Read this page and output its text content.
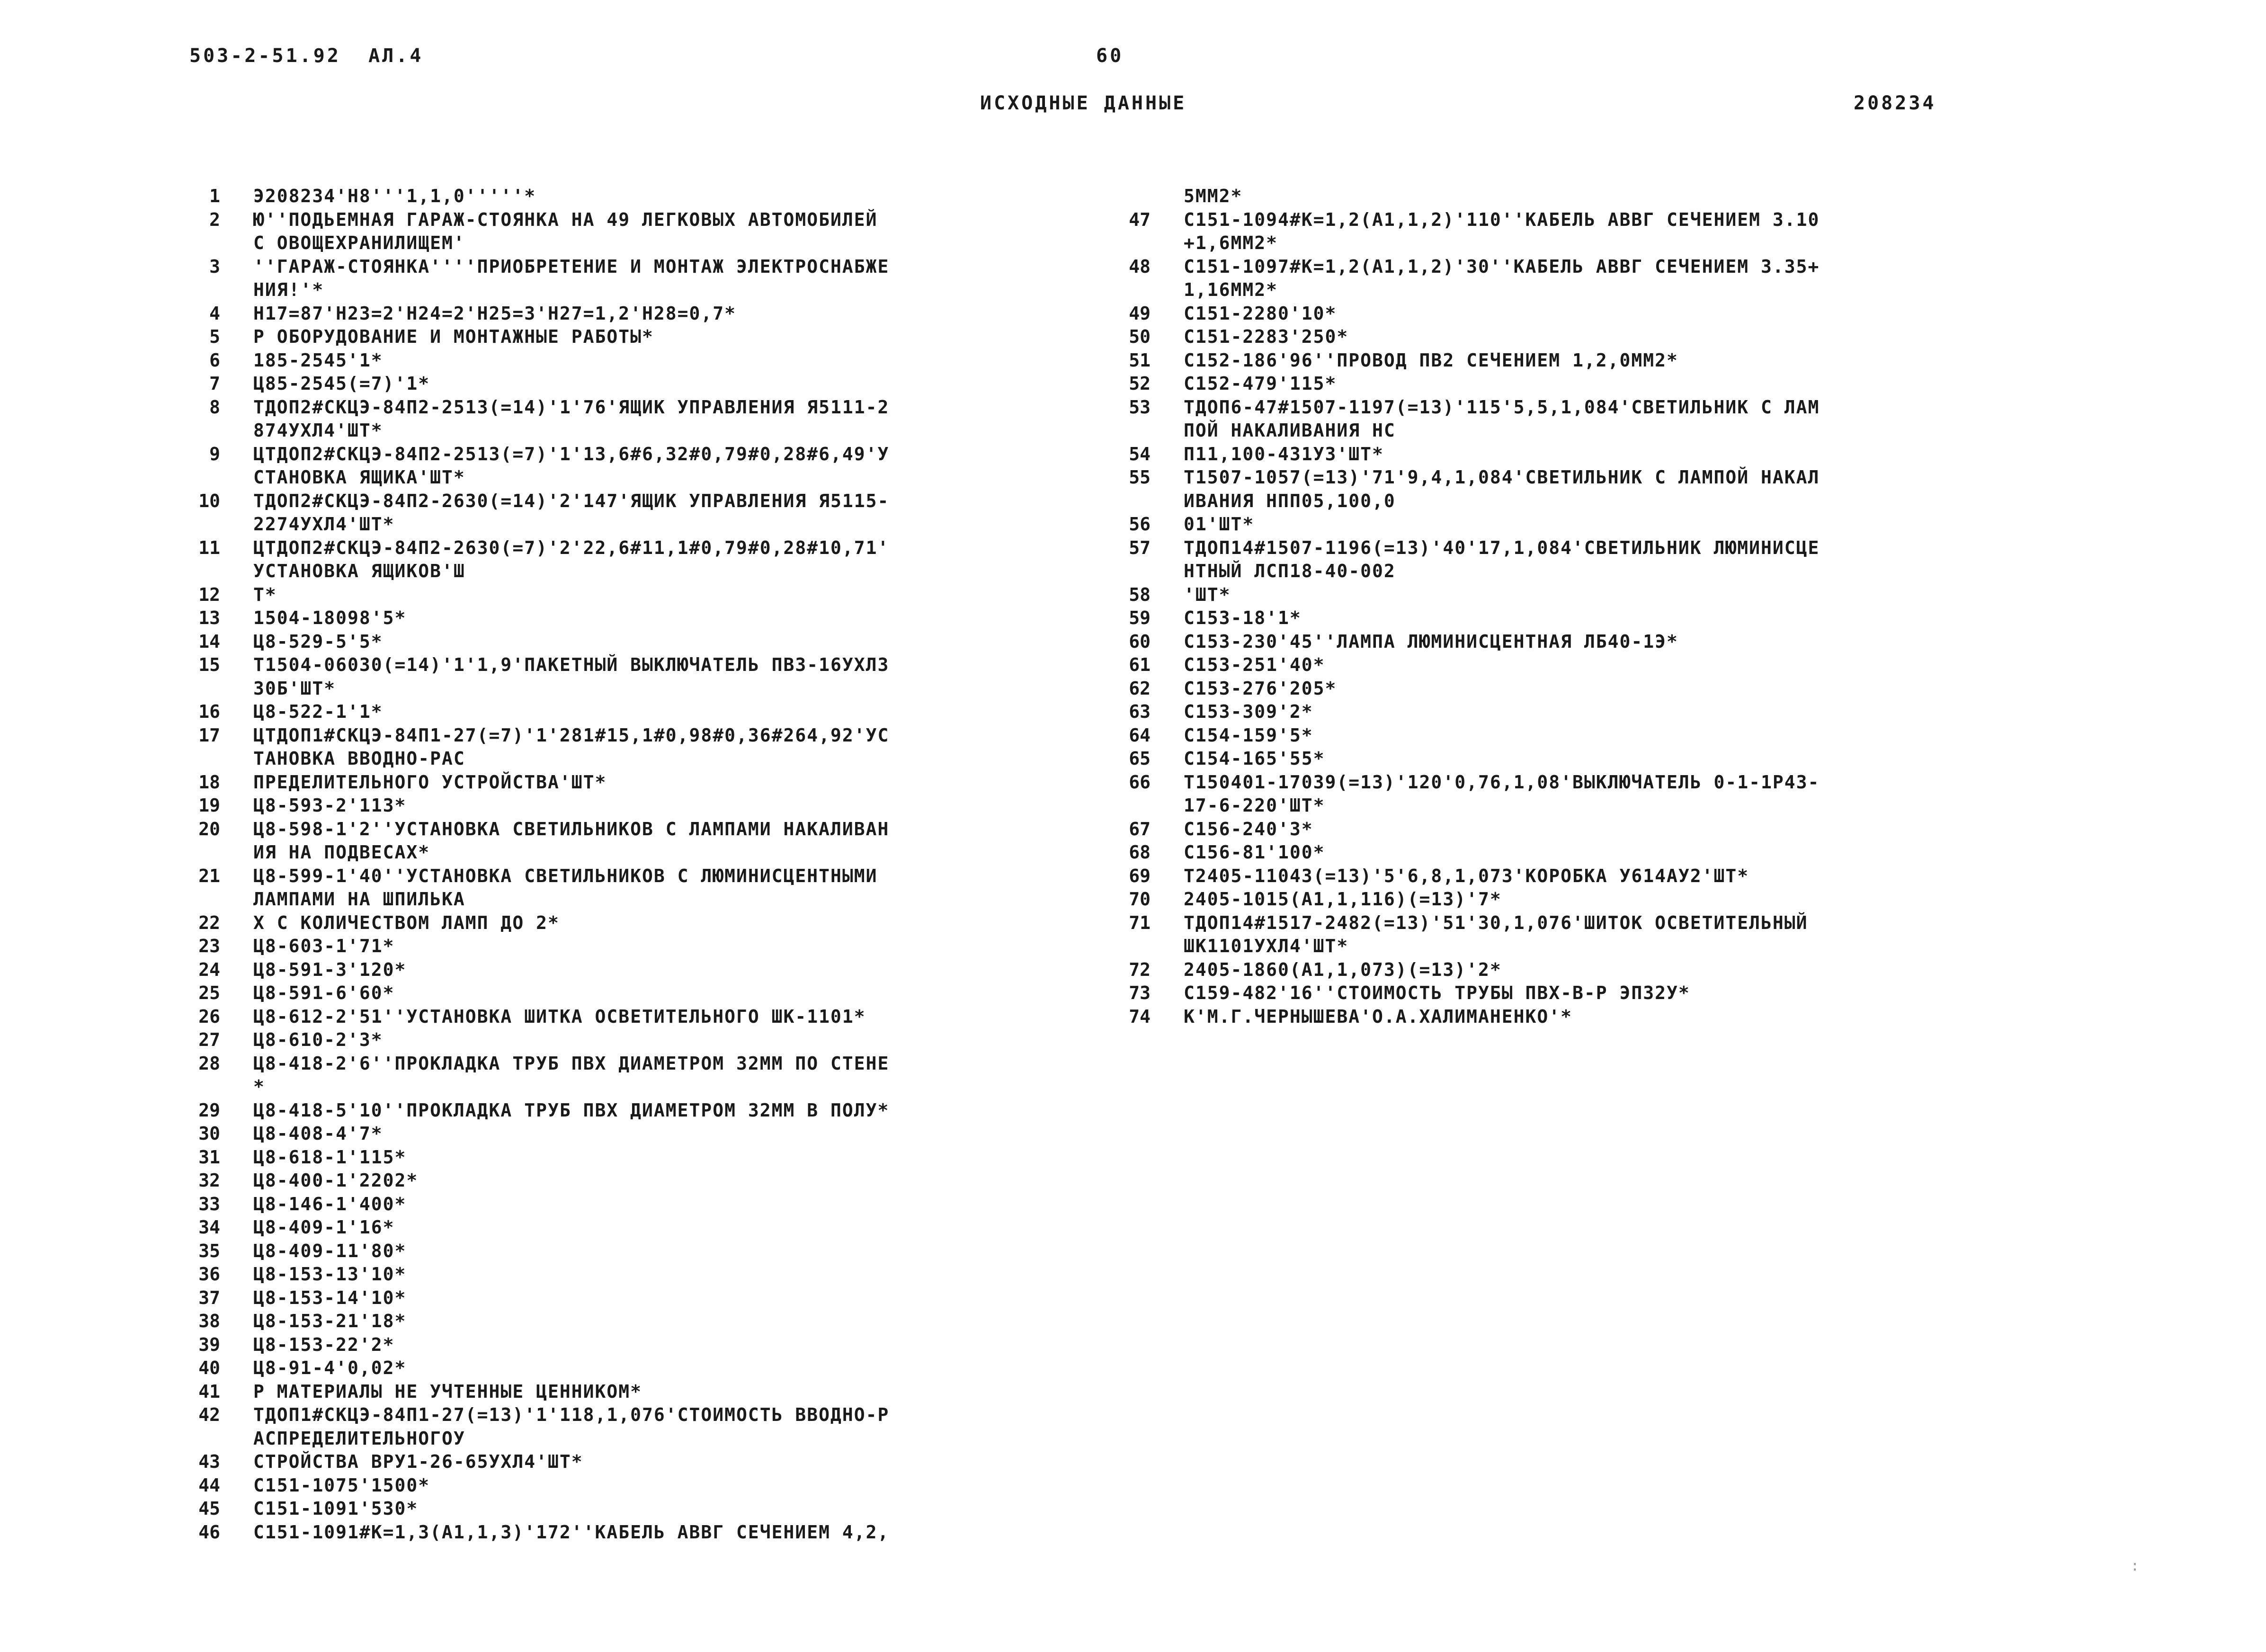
503-2-51.92  АЛ.4	60
ИСХОДНЫЕ ДАННЫЕ	208234
1 Э208234'Н8'''1,1,0'''''*
2 Ю''ПОДЬЕМНАЯ ГАРАЖ-СТОЯНКА НА 49 ЛЕГКОВЫХ АВТОМОБИЛЕЙ
С ОВОЩЕХРАНИЛИЩЕМ'
3 ''ГАРАЖ-СТОЯНКА''''ПРИОБРЕТЕНИЕ И МОНТАЖ ЭЛЕКТРОСНАБЖЕ
НИЯ!'*
4 Н17=87'Н23=2'Н24=2'Н25=3'Н27=1,2'Н28=0,7*
5 Р ОБОРУДОВАНИЕ И МОНТАЖНЫЕ РАБОТЫ*
6 185-2545'1*
7 Ц85-2545(=7)'1*
8 ТДОП2#СКЦЭ-84П2-2513(=14)'1'76'ЯЩИК УПРАВЛЕНИЯ Я5111-2
874УХЛ4'ШТ*
9 ЦТДОП2#СКЦЭ-84П2-2513(=7)'1'13,6#6,32#0,79#0,28#6,49'У
СТАНОВКА ЯЩИКА'ШТ*
10 ТДОП2#СКЦЭ-84П2-2630(=14)'2'147'ЯЩИК УПРАВЛЕНИЯ Я5115-
2274УХЛ4'ШТ*
11 ЦТДОП2#СКЦЭ-84П2-2630(=7)'2'22,6#11,1#0,79#0,28#10,71'
УСТАНОВКА ЯЩИКОВ'Ш
12 Т*
13 1504-18098'5*
14 Ц8-529-5'5*
15 Т1504-06030(=14)'1'1,9'ПАКЕТНЫЙ ВЫКЛЮЧАТЕЛЬ ПВЗ-16УХЛ3
30Б'ШТ*
16 Ц8-522-1'1*
17 ЦТДОП1#СКЦЭ-84П1-27(=7)'1'281#15,1#0,98#0,36#264,92'УС
ТАНОВКА ВВОДНО-РАС
18 ПРЕДЕЛИТЕЛЬНОГО УСТРОЙСТВА'ШТ*
19 Ц8-593-2'113*
20 Ц8-598-1'2''УСТАНОВКА СВЕТИЛЬНИКОВ С ЛАМПАМИ НАКАЛИВАН
ИЯ НА ПОДВЕСАХ*
21 Ц8-599-1'40''УСТАНОВКА СВЕТИЛЬНИКОВ С ЛЮМИНИСЦЕНТНЫМИ
ЛАМПАМИ НА ШПИЛЬКА
22 Х С КОЛИЧЕСТВОМ ЛАМП ДО 2*
23 Ц8-603-1'71*
24 Ц8-591-3'120*
25 Ц8-591-6'60*
26 Ц8-612-2'51''УСТАНОВКА ШИТКА ОСВЕТИТЕЛЬНОГО ШК-1101*
27 Ц8-610-2'3*
28 Ц8-418-2'6''ПРОКЛАДКА ТРУБ ПВХ ДИАМЕТРОМ 32ММ ПО СТЕНЕ
*
29 Ц8-418-5'10''ПРОКЛАДКА ТРУБ ПВХ ДИАМЕТРОМ 32ММ В ПОЛУ*
30 Ц8-408-4'7*
31 Ц8-618-1'115*
32 Ц8-400-1'2202*
33 Ц8-146-1'400*
34 Ц8-409-1'16*
35 Ц8-409-11'80*
36 Ц8-153-13'10*
37 Ц8-153-14'10*
38 Ц8-153-21'18*
39 Ц8-153-22'2*
40 Ц8-91-4'0,02*
41 Р МАТЕРИАЛЫ НЕ УЧТЕННЫЕ ЦЕННИКОМ*
42 ТДОП1#СКЦЭ-84П1-27(=13)'1'118,1,076'СТОИМОСТЬ ВВОДНО-Р
АСПРЕДЕЛИТЕЛЬНОГОУ
43 СТРОЙСТВА ВРУ1-26-65УХЛ4'ШТ*
44 С151-1075'1500*
45 С151-1091'530*
46 С151-1091#К=1,3(А1,1,3)'172''КАБЕЛЬ АВВГ СЕЧЕНИЕМ 4,2,
5ММ2*
47 С151-1094#К=1,2(А1,1,2)'110''КАБЕЛЬ АВВГ СЕЧЕНИЕМ 3.10
+1,6ММ2*
48 С151-1097#К=1,2(А1,1,2)'30''КАБЕЛЬ АВВГ СЕЧЕНИЕМ 3.35+
1,16ММ2*
49 С151-2280'10*
50 С151-2283'250*
51 С152-186'96''ПРОВОД ПВ2 СЕЧЕНИЕМ 1,2,0ММ2*
52 С152-479'115*
53 ТДОП6-47#1507-1197(=13)'115'5,5,1,084'СВЕТИЛЬНИК С ЛАМ
ПОЙ НАКАЛИВАНИЯ НС
54 П11,100-431У3'ШТ*
55 Т1507-1057(=13)'71'9,4,1,084'СВЕТИЛЬНИК С ЛАМПОЙ НАКАЛ
ИВАНИЯ НПП05,100,0
56 01'ШТ*
57 ТДОП14#1507-1196(=13)'40'17,1,084'СВЕТИЛЬНИК ЛЮМИНИСЦЕ
НТНЫЙ ЛСП18-40-002
58 'ШТ*
59 С153-18'1*
60 С153-230'45''ЛАМПА ЛЮМИНИСЦЕНТНАЯ ЛБ40-1Э*
61 С153-251'40*
62 С153-276'205*
63 С153-309'2*
64 С154-159'5*
65 С154-165'55*
66 Т150401-17039(=13)'120'0,76,1,08'ВЫКЛЮЧАТЕЛЬ 0-1-1Р43-
17-6-220'ШТ*
67 С156-240'3*
68 С156-81'100*
69 Т2405-11043(=13)'5'6,8,1,073'КОРОБКА У614АУ2'ШТ*
70 2405-1015(А1,1,116)(=13)'7*
71 ТДОП14#1517-2482(=13)'51'30,1,076'ШИТОК ОСВЕТИТЕЛЬНЫЙ
ШК1101УХЛ4'ШТ*
72 2405-1860(А1,1,073)(=13)'2*
73 С159-482'16''СТОИМОСТЬ ТРУБЫ ПВХ-В-Р ЭП32У*
74 К'М.Г.ЧЕРНЫШЕВА'О.А.ХАЛИМАНЕНКО'*
:
